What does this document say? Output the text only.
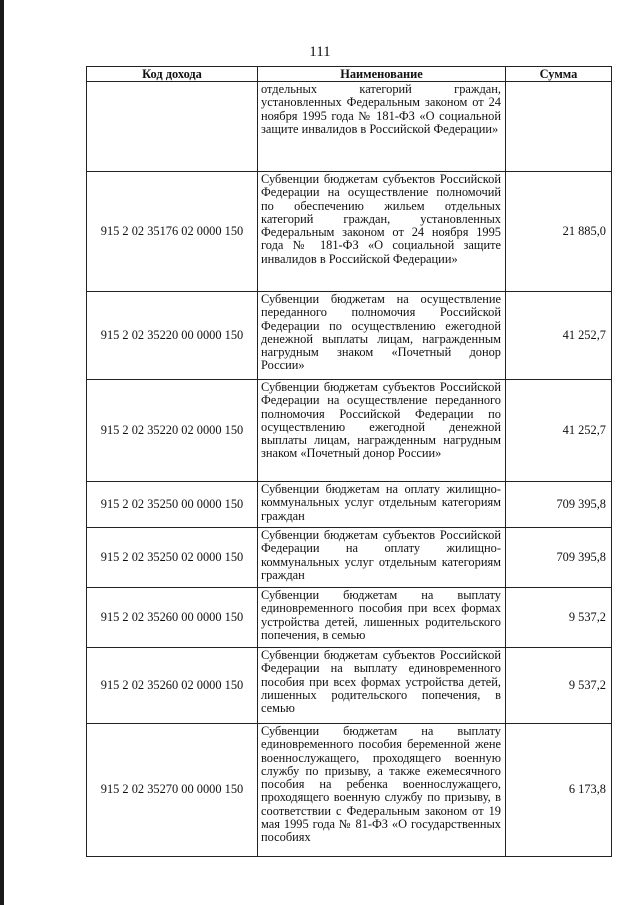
111
Код дохода	Наименование	Сумма
	отдельных категорий граждан, установленных Федеральным законом от 24 ноября 1995 года № 181-ФЗ «О социальной защите инвалидов в Российской Федерации»	
915 2 02 35176 02 0000 150	Субвенции бюджетам субъектов Российской Федерации на осуществление полномочий по обеспечению жильем отдельных категорий граждан, установленных Федеральным законом от 24 ноября 1995 года № 181-ФЗ «О социальной защите инвалидов в Российской Федерации»	21 885,0
915 2 02 35220 00 0000 150	Субвенции бюджетам на осуществление переданного полномочия Российской Федерации по осуществлению ежегодной денежной выплаты лицам, награжденным нагрудным знаком «Почетный донор России»	41 252,7
915 2 02 35220 02 0000 150	Субвенции бюджетам субъектов Российской Федерации на осуществление переданного полномочия Российской Федерации по осуществлению ежегодной денежной выплаты лицам, награжденным нагрудным знаком «Почетный донор России»	41 252,7
915 2 02 35250 00 0000 150	Субвенции бюджетам на оплату жилищно-коммунальных услуг отдельным категориям граждан	709 395,8
915 2 02 35250 02 0000 150	Субвенции бюджетам субъектов Российской Федерации на оплату жилищно-коммунальных услуг отдельным категориям граждан	709 395,8
915 2 02 35260 00 0000 150	Субвенции бюджетам на выплату единовременного пособия при всех формах устройства детей, лишенных родительского попечения, в семью	9 537,2
915 2 02 35260 02 0000 150	Субвенции бюджетам субъектов Российской Федерации на выплату единовременного пособия при всех формах устройства детей, лишенных родительского попечения, в семью	9 537,2
915 2 02 35270 00 0000 150	Субвенции бюджетам на выплату единовременного пособия беременной жене военнослужащего, проходящего военную службу по призыву, а также ежемесячного пособия на ребенка военнослужащего, проходящего военную службу по призыву, в соответствии с Федеральным законом от 19 мая 1995 года № 81-ФЗ «О государственных пособиях	6 173,8
